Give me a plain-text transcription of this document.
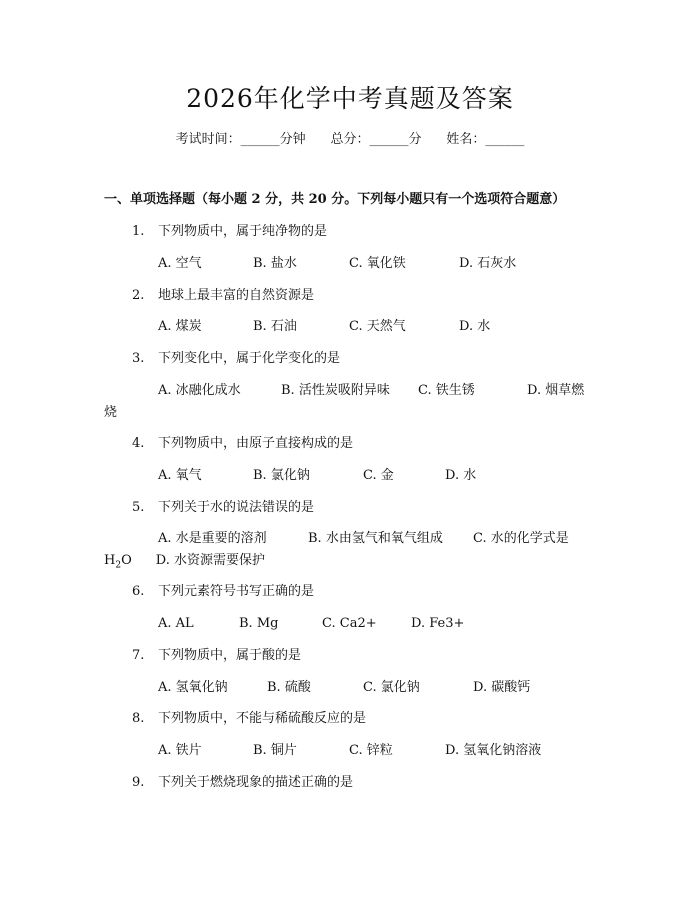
2026年化学中考真题及答案
考试时间：______分钟 总分：______分 姓名：______
一、单项选择题（每小题 2 分，共 20 分。下列每小题只有一个选项符合题意）
1. 下列物质中，属于纯净物的是
A. 空气	B. 盐水	C. 氧化铁	D. 石灰水
2. 地球上最丰富的自然资源是
A. 煤炭	B. 石油	C. 天然气	D. 水
3. 下列变化中，属于化学变化的是
A. 冰融化成水	B. 活性炭吸附异味 C. 铁生锈	D. 烟草燃
烧
4. 下列物质中，由原子直接构成的是
A. 氧气	B. 氯化钠	C. 金	D. 水
5. 下列关于水的说法错误的是
A. 水是重要的溶剂	B. 水由氢气和氧气组成 C. 水的化学式是
$H_2O$ D. 水资源需要保护
6. 下列元素符号书写正确的是
A. AL	B. Mg	C. Ca2+	D. Fe3+
7. 下列物质中，属于酸的是
A. 氢氧化钠	B. 硫酸	C. 氯化钠	D. 碳酸钙
8. 下列物质中，不能与稀硫酸反应的是
A. 铁片	B. 铜片	C. 锌粒	D. 氢氧化钠溶液
9. 下列关于燃烧现象的描述正确的是
